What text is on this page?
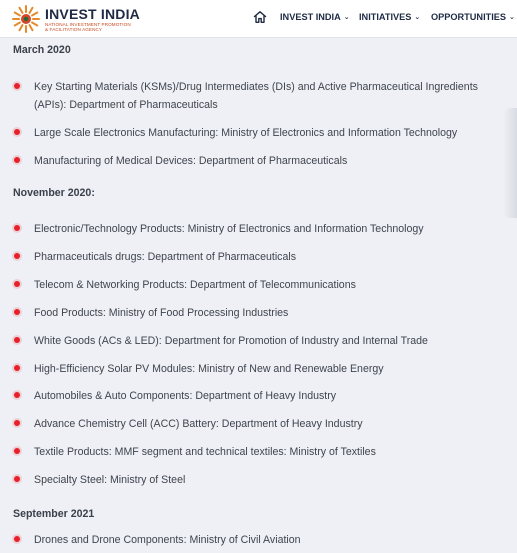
INVEST INDIA
NATIONAL INVESTMENT PROMOTION
& FACILITATION AGENCY
INVEST INDIA ⌄ INITIATIVES ⌄ OPPORTUNITIES ⌄
March 2020
Key Starting Materials (KSMs)/Drug Intermediates (DIs) and Active Pharmaceutical Ingredients (APIs): Department of Pharmaceuticals
Large Scale Electronics Manufacturing: Ministry of Electronics and Information Technology
Manufacturing of Medical Devices: Department of Pharmaceuticals
November 2020:
Electronic/Technology Products: Ministry of Electronics and Information Technology
Pharmaceuticals drugs: Department of Pharmaceuticals
Telecom & Networking Products: Department of Telecommunications
Food Products: Ministry of Food Processing Industries
White Goods (ACs & LED): Department for Promotion of Industry and Internal Trade
High-Efficiency Solar PV Modules: Ministry of New and Renewable Energy
Automobiles & Auto Components: Department of Heavy Industry
Advance Chemistry Cell (ACC) Battery: Department of Heavy Industry
Textile Products: MMF segment and technical textiles: Ministry of Textiles
Specialty Steel: Ministry of Steel
September 2021
Drones and Drone Components: Ministry of Civil Aviation
